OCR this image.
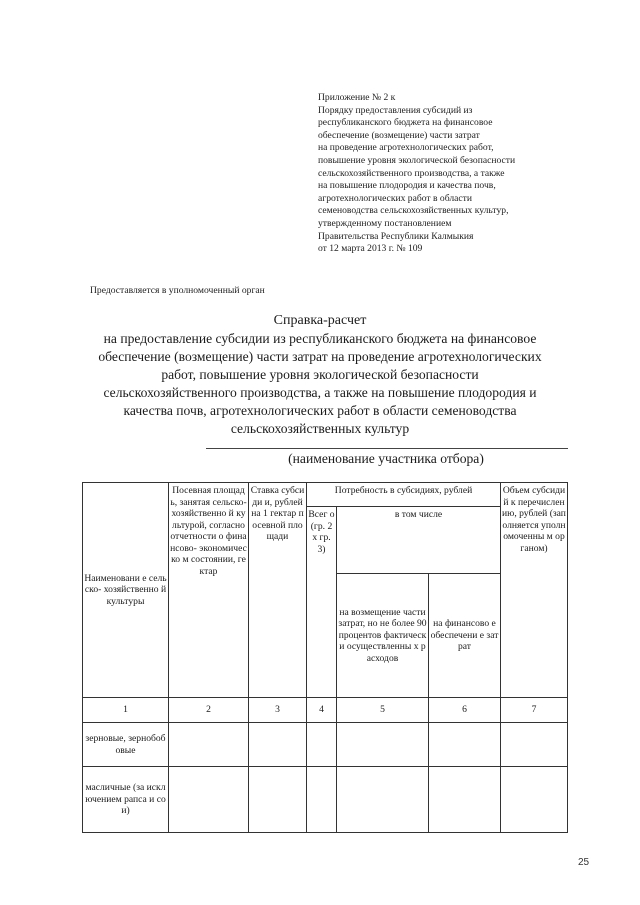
Приложение № 2 к
Порядку предоставления субсидий из
республиканского бюджета на финансовое
обеспечение (возмещение) части затрат
на проведение агротехнологических работ,
повышение уровня экологической безопасности
сельскохозяйственного производства, а также
на повышение плодородия и качества почв,
агротехнологических работ в области
семеноводства сельскохозяйственных культур,
утвержденному постановлением
Правительства Республики Калмыкия
от 12 марта 2013 г. № 109
Предоставляется в уполномоченный орган
Справка-расчет
на предоставление субсидии из республиканского бюджета на финансовое
обеспечение (возмещение) части затрат на проведение агротехнологических
работ, повышение уровня экологической безопасности
сельскохозяйственного производства, а также на повышение плодородия и
качества почв, агротехнологических работ в области семеноводства
сельскохозяйственных культур
(наименование участника отбора)
Наименовани е сельско- хозяйственно й культуры	Посевная площадь, занятая сельско- хозяйственно й культурой, согласно отчетности о финансово- экономическо м состоянии, гектар	Ставка субсиди и, рублей на 1 гектар посевной площади	Потребность в субсидиях, рублей			Объем субсидий к перечислению, рублей (заполняется уполномоченны м органом)
			Всег о (гр. 2 х гр. 3)	в том числе		
				на возмещение части затрат, но не более 90 процентов фактически осуществленны х расходов	на финансово е обеспечени е затрат	
1	2	3	4	5	6	7
зерновые, зернобобовые						
масличные (за исключением рапса и сои)						
25
